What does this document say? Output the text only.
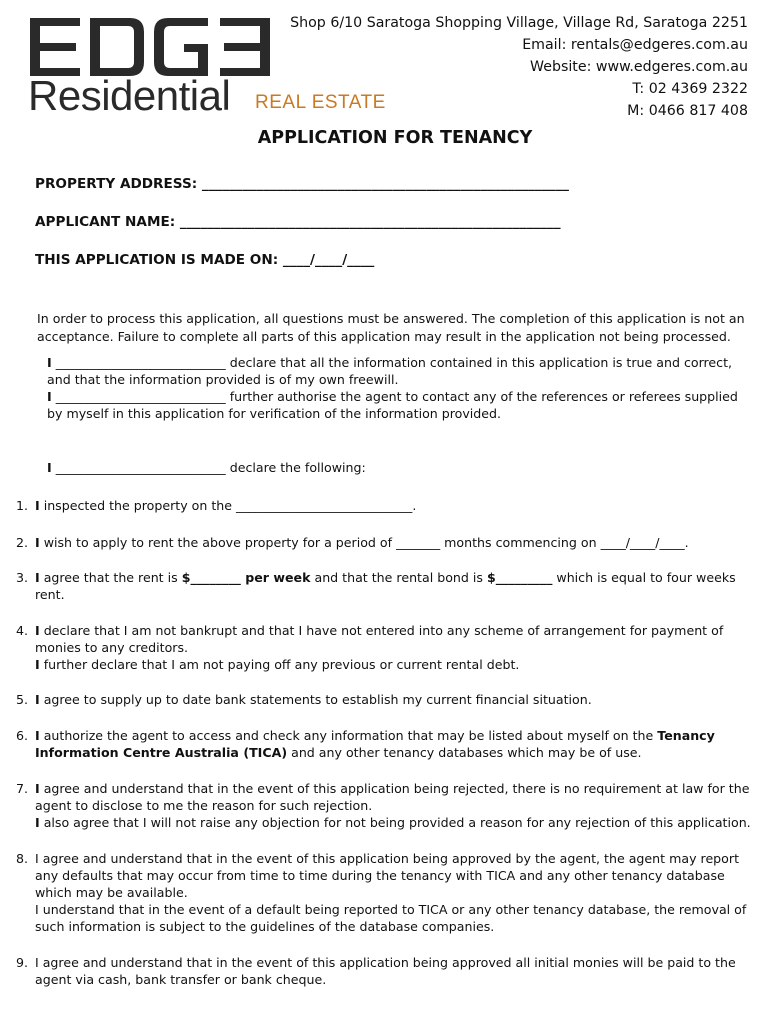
Residential REAL ESTATE
Shop 6/10 Saratoga Shopping Village, Village Rd, Saratoga 2251
Email: rentals@edgeres.com.au
Website: www.edgeres.com.au
T: 02 4369 2322
M: 0466 817 408
APPLICATION FOR TENANCY
PROPERTY ADDRESS: ______________________________________________________
APPLICANT NAME: ________________________________________________________
THIS APPLICATION IS MADE ON: ____/____/____

In order to process this application, all questions must be answered. The completion of this application is not an acceptance. Failure to complete all parts of this application may result in the application not being processed.

I ___________________________ declare that all the information contained in this application is true and correct, and that the information provided is of my own freewill.
I ___________________________ further authorise the agent to contact any of the references or referees supplied by myself in this application for verification of the information provided.
I ___________________________ declare the following:
1. I inspected the property on the ____________________________.
2. I wish to apply to rent the above property for a period of _______ months commencing on ____/____/____.
3. I agree that the rent is $________ per week and that the rental bond is $_________ which is equal to four weeks rent.
4. I declare that I am not bankrupt and that I have not entered into any scheme of arrangement for payment of monies to any creditors.
I further declare that I am not paying off any previous or current rental debt.
5. I agree to supply up to date bank statements to establish my current financial situation.
6. I authorize the agent to access and check any information that may be listed about myself on the Tenancy Information Centre Australia (TICA) and any other tenancy databases which may be of use.
7. I agree and understand that in the event of this application being rejected, there is no requirement at law for the agent to disclose to me the reason for such rejection.
I also agree that I will not raise any objection for not being provided a reason for any rejection of this application.
8. I agree and understand that in the event of this application being approved by the agent, the agent may report any defaults that may occur from time to time during the tenancy with TICA and any other tenancy database which may be available.
I understand that in the event of a default being reported to TICA or any other tenancy database, the removal of such information is subject to the guidelines of the database companies.
9. I agree and understand that in the event of this application being approved all initial monies will be paid to the agent via cash, bank transfer or bank cheque.
